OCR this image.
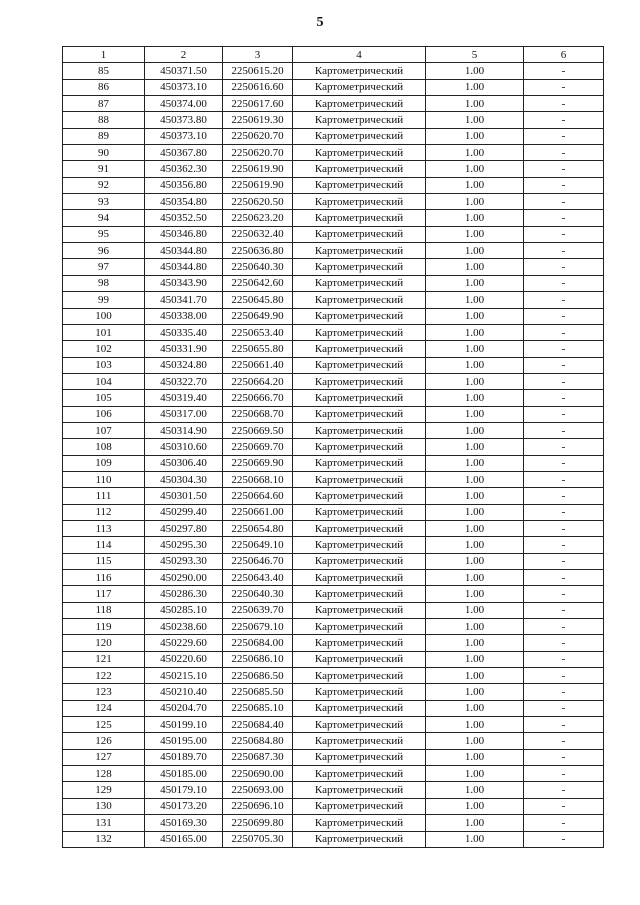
5
1	2	3	4	5	6
85	450371.50	2250615.20	Картометрический	1.00	-
86	450373.10	2250616.60	Картометрический	1.00	-
87	450374.00	2250617.60	Картометрический	1.00	-
88	450373.80	2250619.30	Картометрический	1.00	-
89	450373.10	2250620.70	Картометрический	1.00	-
90	450367.80	2250620.70	Картометрический	1.00	-
91	450362.30	2250619.90	Картометрический	1.00	-
92	450356.80	2250619.90	Картометрический	1.00	-
93	450354.80	2250620.50	Картометрический	1.00	-
94	450352.50	2250623.20	Картометрический	1.00	-
95	450346.80	2250632.40	Картометрический	1.00	-
96	450344.80	2250636.80	Картометрический	1.00	-
97	450344.80	2250640.30	Картометрический	1.00	-
98	450343.90	2250642.60	Картометрический	1.00	-
99	450341.70	2250645.80	Картометрический	1.00	-
100	450338.00	2250649.90	Картометрический	1.00	-
101	450335.40	2250653.40	Картометрический	1.00	-
102	450331.90	2250655.80	Картометрический	1.00	-
103	450324.80	2250661.40	Картометрический	1.00	-
104	450322.70	2250664.20	Картометрический	1.00	-
105	450319.40	2250666.70	Картометрический	1.00	-
106	450317.00	2250668.70	Картометрический	1.00	-
107	450314.90	2250669.50	Картометрический	1.00	-
108	450310.60	2250669.70	Картометрический	1.00	-
109	450306.40	2250669.90	Картометрический	1.00	-
110	450304.30	2250668.10	Картометрический	1.00	-
111	450301.50	2250664.60	Картометрический	1.00	-
112	450299.40	2250661.00	Картометрический	1.00	-
113	450297.80	2250654.80	Картометрический	1.00	-
114	450295.30	2250649.10	Картометрический	1.00	-
115	450293.30	2250646.70	Картометрический	1.00	-
116	450290.00	2250643.40	Картометрический	1.00	-
117	450286.30	2250640.30	Картометрический	1.00	-
118	450285.10	2250639.70	Картометрический	1.00	-
119	450238.60	2250679.10	Картометрический	1.00	-
120	450229.60	2250684.00	Картометрический	1.00	-
121	450220.60	2250686.10	Картометрический	1.00	-
122	450215.10	2250686.50	Картометрический	1.00	-
123	450210.40	2250685.50	Картометрический	1.00	-
124	450204.70	2250685.10	Картометрический	1.00	-
125	450199.10	2250684.40	Картометрический	1.00	-
126	450195.00	2250684.80	Картометрический	1.00	-
127	450189.70	2250687.30	Картометрический	1.00	-
128	450185.00	2250690.00	Картометрический	1.00	-
129	450179.10	2250693.00	Картометрический	1.00	-
130	450173.20	2250696.10	Картометрический	1.00	-
131	450169.30	2250699.80	Картометрический	1.00	-
132	450165.00	2250705.30	Картометрический	1.00	-
